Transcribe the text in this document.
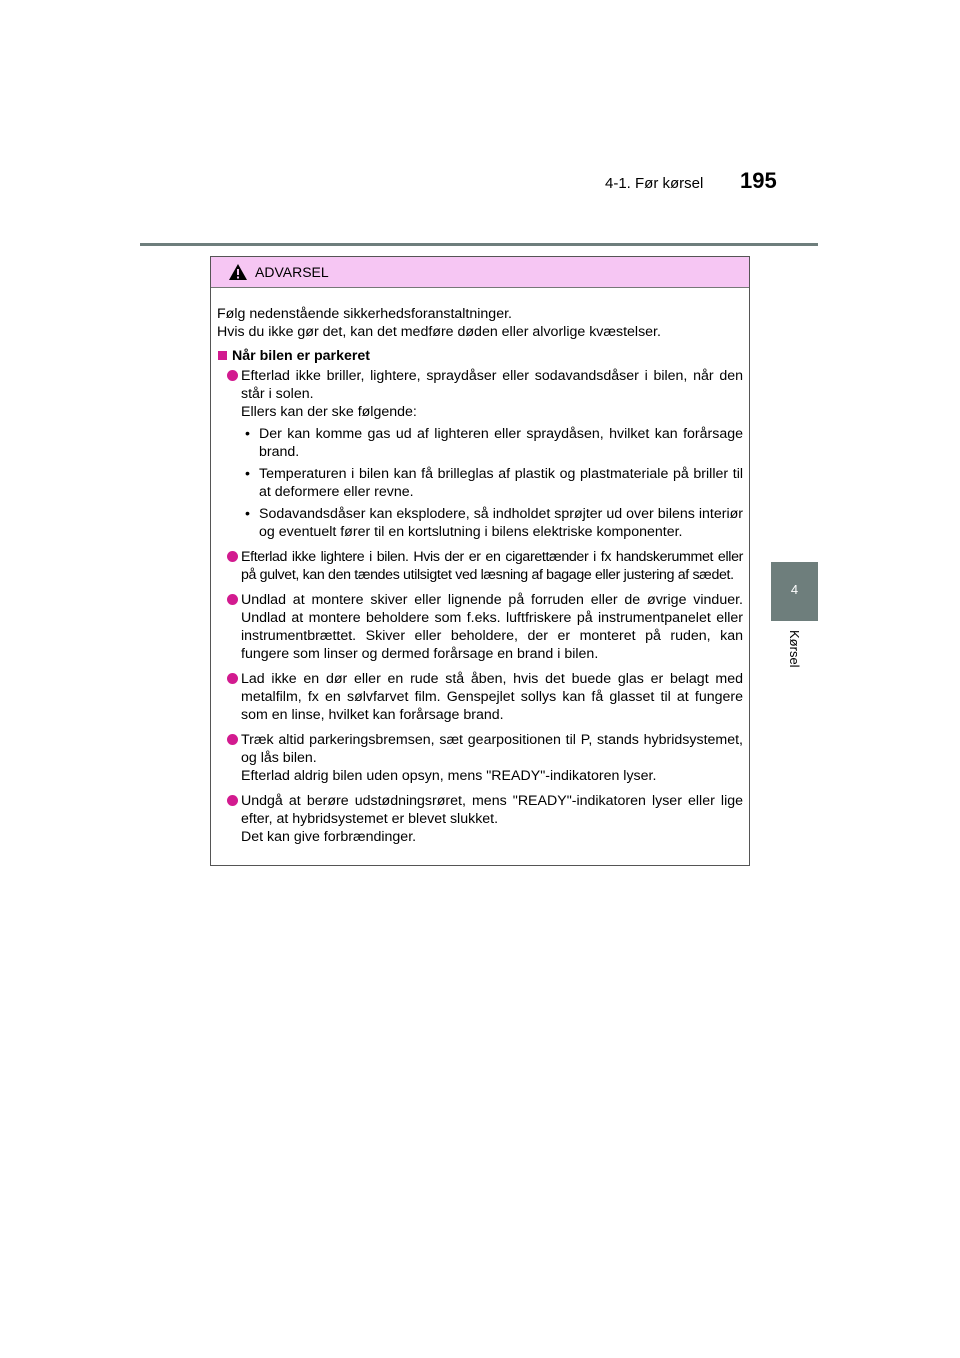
4-1. Før kørsel 195
4
Kørsel
ADVARSEL
Følg nedenstående sikkerhedsforanstaltninger.
Hvis du ikke gør det, kan det medføre døden eller alvorlige kvæstelser.
Når bilen er parkeret

Efterlad ikke briller, lightere, spraydåser eller sodavandsdåser i bilen, når den står i solen.

Ellers kan der ske følgende:

• Der kan komme gas ud af lighteren eller spraydåsen, hvilket kan forårsage brand.
• Temperaturen i bilen kan få brilleglas af plastik og plastmateriale på briller til at deformere eller revne.
• Sodavandsdåser kan eksplodere, så indholdet sprøjter ud over bilens interiør og eventuelt fører til en kortslutning i bilens elektriske komponenter.

Efterlad ikke lightere i bilen. Hvis der er en cigarettænder i fx handskerummet eller på gulvet, kan den tændes utilsigtet ved læsning af bagage eller justering af sædet.

Undlad at montere skiver eller lignende på forruden eller de øvrige vinduer. Undlad at montere beholdere som f.eks. luftfriskere på instrumentpanelet eller instrumentbrættet. Skiver eller beholdere, der er monteret på ruden, kan fungere som linser og dermed forårsage en brand i bilen.

Lad ikke en dør eller en rude stå åben, hvis det buede glas er belagt med metalfilm, fx en sølvfarvet film. Genspejlet sollys kan få glasset til at fungere som en linse, hvilket kan forårsage brand.

Træk altid parkeringsbremsen, sæt gearpositionen til P, stands hybridsystemet, og lås bilen.

Efterlad aldrig bilen uden opsyn, mens "READY"-indikatoren lyser.

Undgå at berøre udstødningsrøret, mens "READY"-indikatoren lyser eller lige efter, at hybridsystemet er blevet slukket.

Det kan give forbrændinger.
